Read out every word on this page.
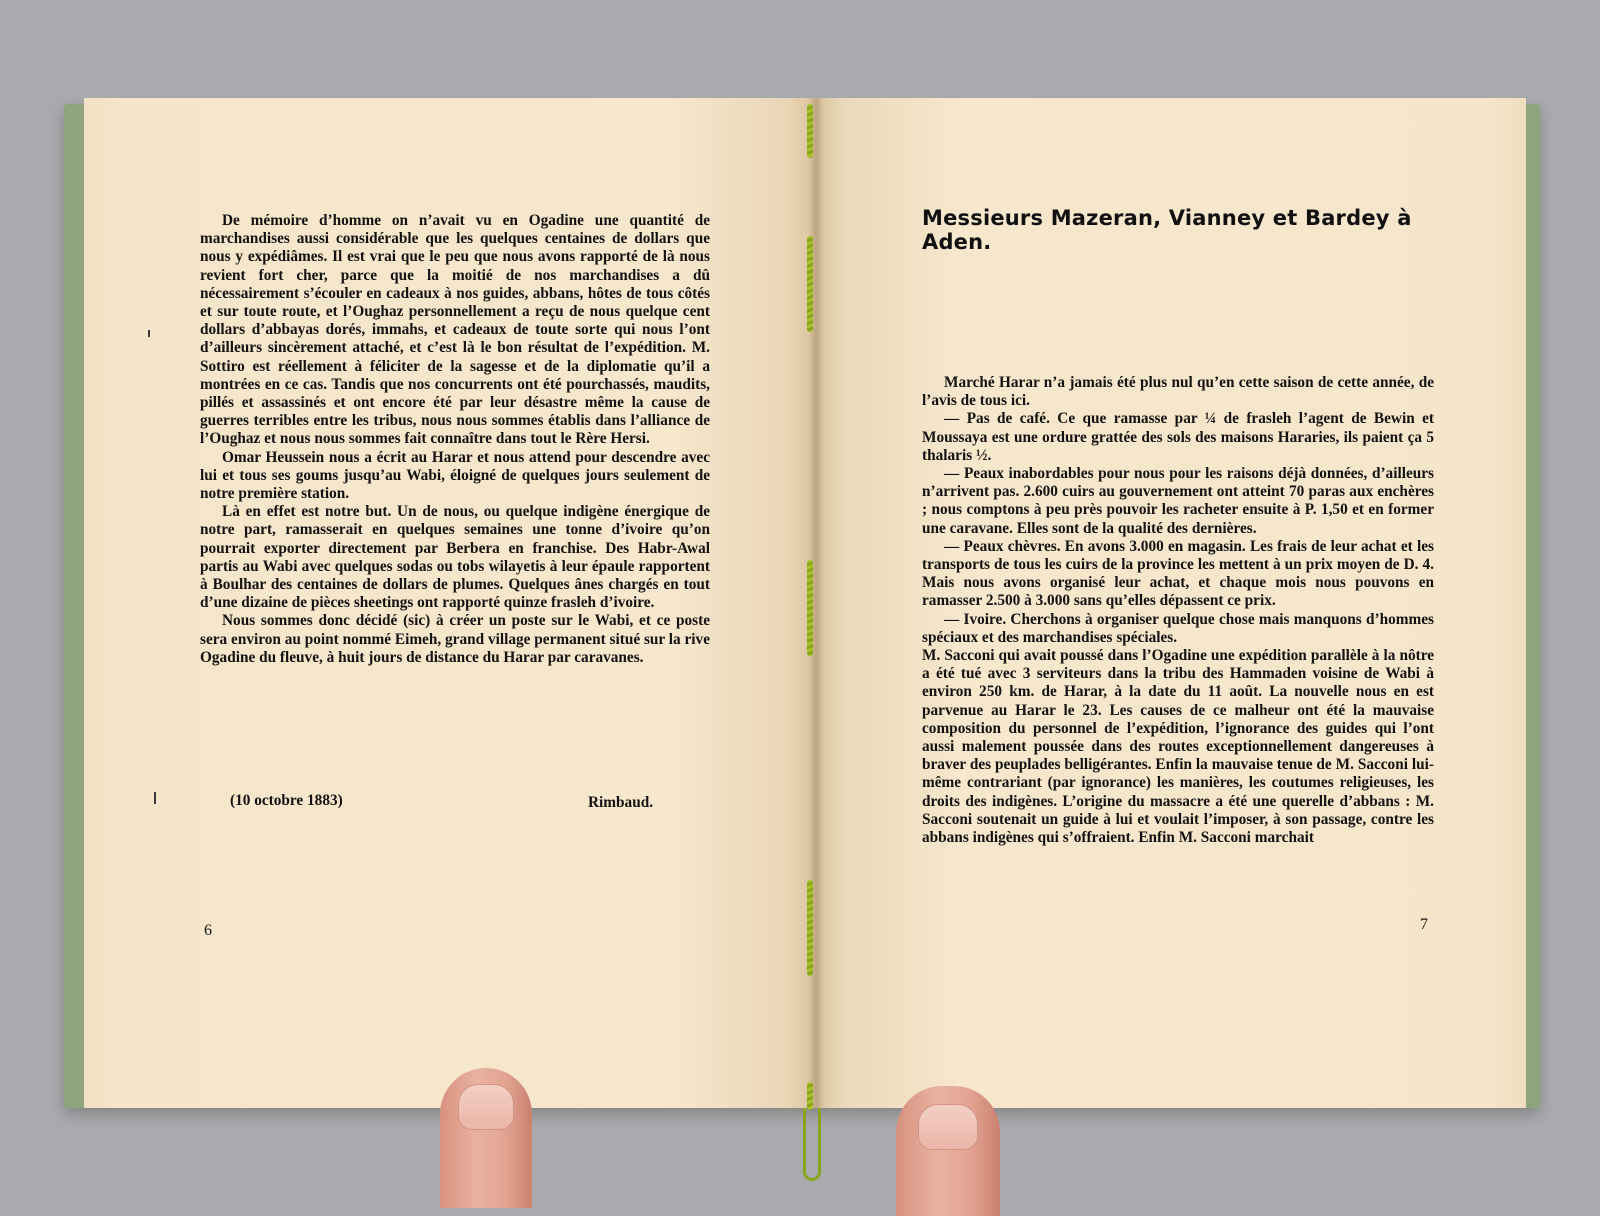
De mémoire d’homme on n’avait vu en Ogadine une quantité de marchandises aussi considérable que les quelques centaines de dollars que nous y expédiâmes. Il est vrai que le peu que nous avons rapporté de là nous revient fort cher, parce que la moitié de nos marchandises a dû nécessairement s’écouler en cadeaux à nos guides, abbans, hôtes de tous côtés et sur toute route, et l’Oughaz personnellement a reçu de nous quelque cent dollars d’abbayas dorés, immahs, et cadeaux de toute sorte qui nous l’ont d’ailleurs sincèrement attaché, et c’est là le bon résultat de l’expédition. M. Sottiro est réellement à féliciter de la sagesse et de la diplomatie qu’il a montrées en ce cas. Tandis que nos concurrents ont été pourchassés, maudits, pillés et assassinés et ont encore été par leur désastre même la cause de guerres terribles entre les tribus, nous nous sommes établis dans l’alliance de l’Oughaz et nous nous sommes fait connaître dans tout le Rère Hersi.

Omar Heussein nous a écrit au Harar et nous attend pour descendre avec lui et tous ses goums jusqu’au Wabi, éloigné de quelques jours seulement de notre première station.

Là en effet est notre but. Un de nous, ou quelque indigène énergique de notre part, ramasserait en quelques semaines une tonne d’ivoire qu’on pourrait exporter directement par Berbera en franchise. Des Habr-Awal partis au Wabi avec quelques sodas ou tobs wilayetis à leur épaule rapportent à Boulhar des centaines de dollars de plumes. Quelques ânes chargés en tout d’une dizaine de pièces sheetings ont rapporté quinze frasleh d’ivoire.

Nous sommes donc décidé (sic) à créer un poste sur le Wabi, et ce poste sera environ au point nommé Eimeh, grand village permanent situé sur la rive Ogadine du fleuve, à huit jours de distance du Harar par caravanes.

(10 octobre 1883)	Rimbaud.
6
Messieurs Mazeran, Vianney et Bardey à Aden.

Marché Harar n’a jamais été plus nul qu’en cette saison de cette année, de l’avis de tous ici.

— Pas de café. Ce que ramasse par ¼ de frasleh l’agent de Bewin et Moussaya est une ordure grattée des sols des maisons Hararies, ils paient ça 5 thalaris ½.

— Peaux inabordables pour nous pour les raisons déjà données, d’ailleurs n’arrivent pas. 2.600 cuirs au gouvernement ont atteint 70 paras aux enchères ; nous comptons à peu près pouvoir les racheter ensuite à P. 1,50 et en former une caravane. Elles sont de la qualité des dernières.

— Peaux chèvres. En avons 3.000 en magasin. Les frais de leur achat et les transports de tous les cuirs de la province les mettent à un prix moyen de D. 4. Mais nous avons organisé leur achat, et chaque mois nous pouvons en ramasser 2.500 à 3.000 sans qu’elles dépassent ce prix.

— Ivoire. Cherchons à organiser quelque chose mais manquons d’hommes spéciaux et des marchandises spéciales.

M. Sacconi qui avait poussé dans l’Ogadine une expédition parallèle à la nôtre a été tué avec 3 serviteurs dans la tribu des Hammaden voisine de Wabi à environ 250 km. de Harar, à la date du 11 août. La nouvelle nous en est parvenue au Harar le 23. Les causes de ce malheur ont été la mauvaise composition du personnel de l’expédition, l’ignorance des guides qui l’ont aussi malement poussée dans des routes exceptionnellement dangereuses à braver des peuplades belligérantes. Enfin la mauvaise tenue de M. Sacconi lui-même contrariant (par ignorance) les manières, les coutumes religieuses, les droits des indigènes. L’origine du massacre a été une querelle d’abbans : M. Sacconi soutenait un guide à lui et voulait l’imposer, à son passage, contre les abbans indigènes qui s’offraient. Enfin M. Sacconi marchait

7
